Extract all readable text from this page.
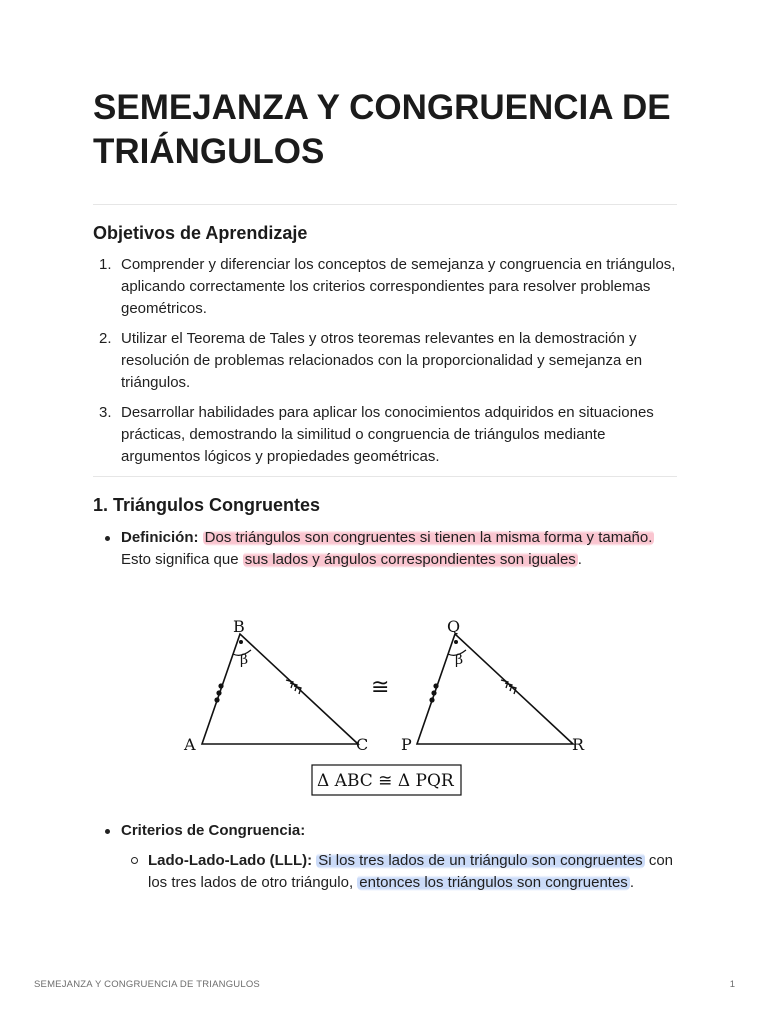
SEMEJANZA Y CONGRUENCIA DE TRIÁNGULOS
Objetivos de Aprendizaje
1. Comprender y diferenciar los conceptos de semejanza y congruencia en triángulos, aplicando correctamente los criterios correspondientes para resolver problemas geométricos.
2. Utilizar el Teorema de Tales y otros teoremas relevantes en la demostración y resolución de problemas relacionados con la proporcionalidad y semejanza en triángulos.
3. Desarrollar habilidades para aplicar los conocimientos adquiridos en situaciones prácticas, demostrando la similitud o congruencia de triángulos mediante argumentos lógicos y propiedades geométricas.
1. Triángulos Congruentes
Definición: Dos triángulos son congruentes si tienen la misma forma y tamaño. Esto significa que sus lados y ángulos correspondientes son iguales .
Criterios de Congruencia:
Lado-Lado-Lado (LLL): Si los tres lados de un triángulo son congruentes con los tres lados de otro triángulo, entonces los triángulos son congruentes .
B
A	C
β
≅
Q
P	R
β
Δ ABC ≅ Δ PQR
SEMEJANZA Y CONGRUENCIA DE TRIANGULOS	1
